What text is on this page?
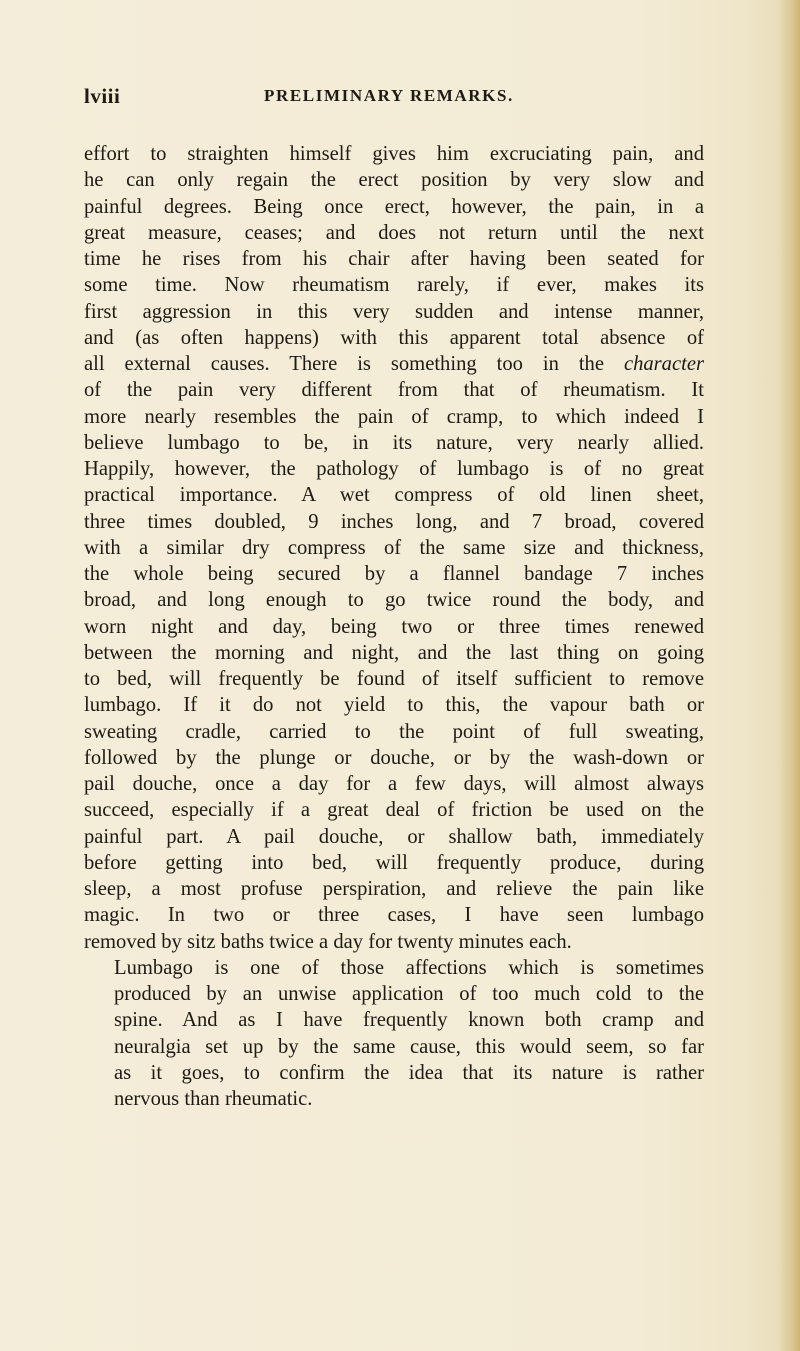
lviii	PRELIMINARY REMARKS.

effort to straighten himself gives him excruciating pain, and
he can only regain the erect position by very slow and
painful degrees. Being once erect, however, the pain, in a
great measure, ceases; and does not return until the next
time he rises from his chair after having been seated for
some time. Now rheumatism rarely, if ever, makes its
first aggression in this very sudden and intense manner,
and (as often happens) with this apparent total absence of
all external causes. There is something too in the character
of the pain very different from that of rheumatism. It
more nearly resembles the pain of cramp, to which indeed I
believe lumbago to be, in its nature, very nearly allied.
Happily, however, the pathology of lumbago is of no great
practical importance. A wet compress of old linen sheet,
three times doubled, 9 inches long, and 7 broad, covered
with a similar dry compress of the same size and thickness,
the whole being secured by a flannel bandage 7 inches
broad, and long enough to go twice round the body, and
worn night and day, being two or three times renewed
between the morning and night, and the last thing on going
to bed, will frequently be found of itself sufficient to remove
lumbago. If it do not yield to this, the vapour bath or
sweating cradle, carried to the point of full sweating,
followed by the plunge or douche, or by the wash-down or
pail douche, once a day for a few days, will almost always
succeed, especially if a great deal of friction be used on the
painful part. A pail douche, or shallow bath, immediately
before getting into bed, will frequently produce, during
sleep, a most profuse perspiration, and relieve the pain like
magic. In two or three cases, I have seen lumbago
removed by sitz baths twice a day for twenty minutes each.

Lumbago is one of those affections which is sometimes
produced by an unwise application of too much cold to the
spine. And as I have frequently known both cramp and
neuralgia set up by the same cause, this would seem, so far
as it goes, to confirm the idea that its nature is rather
nervous than rheumatic.
